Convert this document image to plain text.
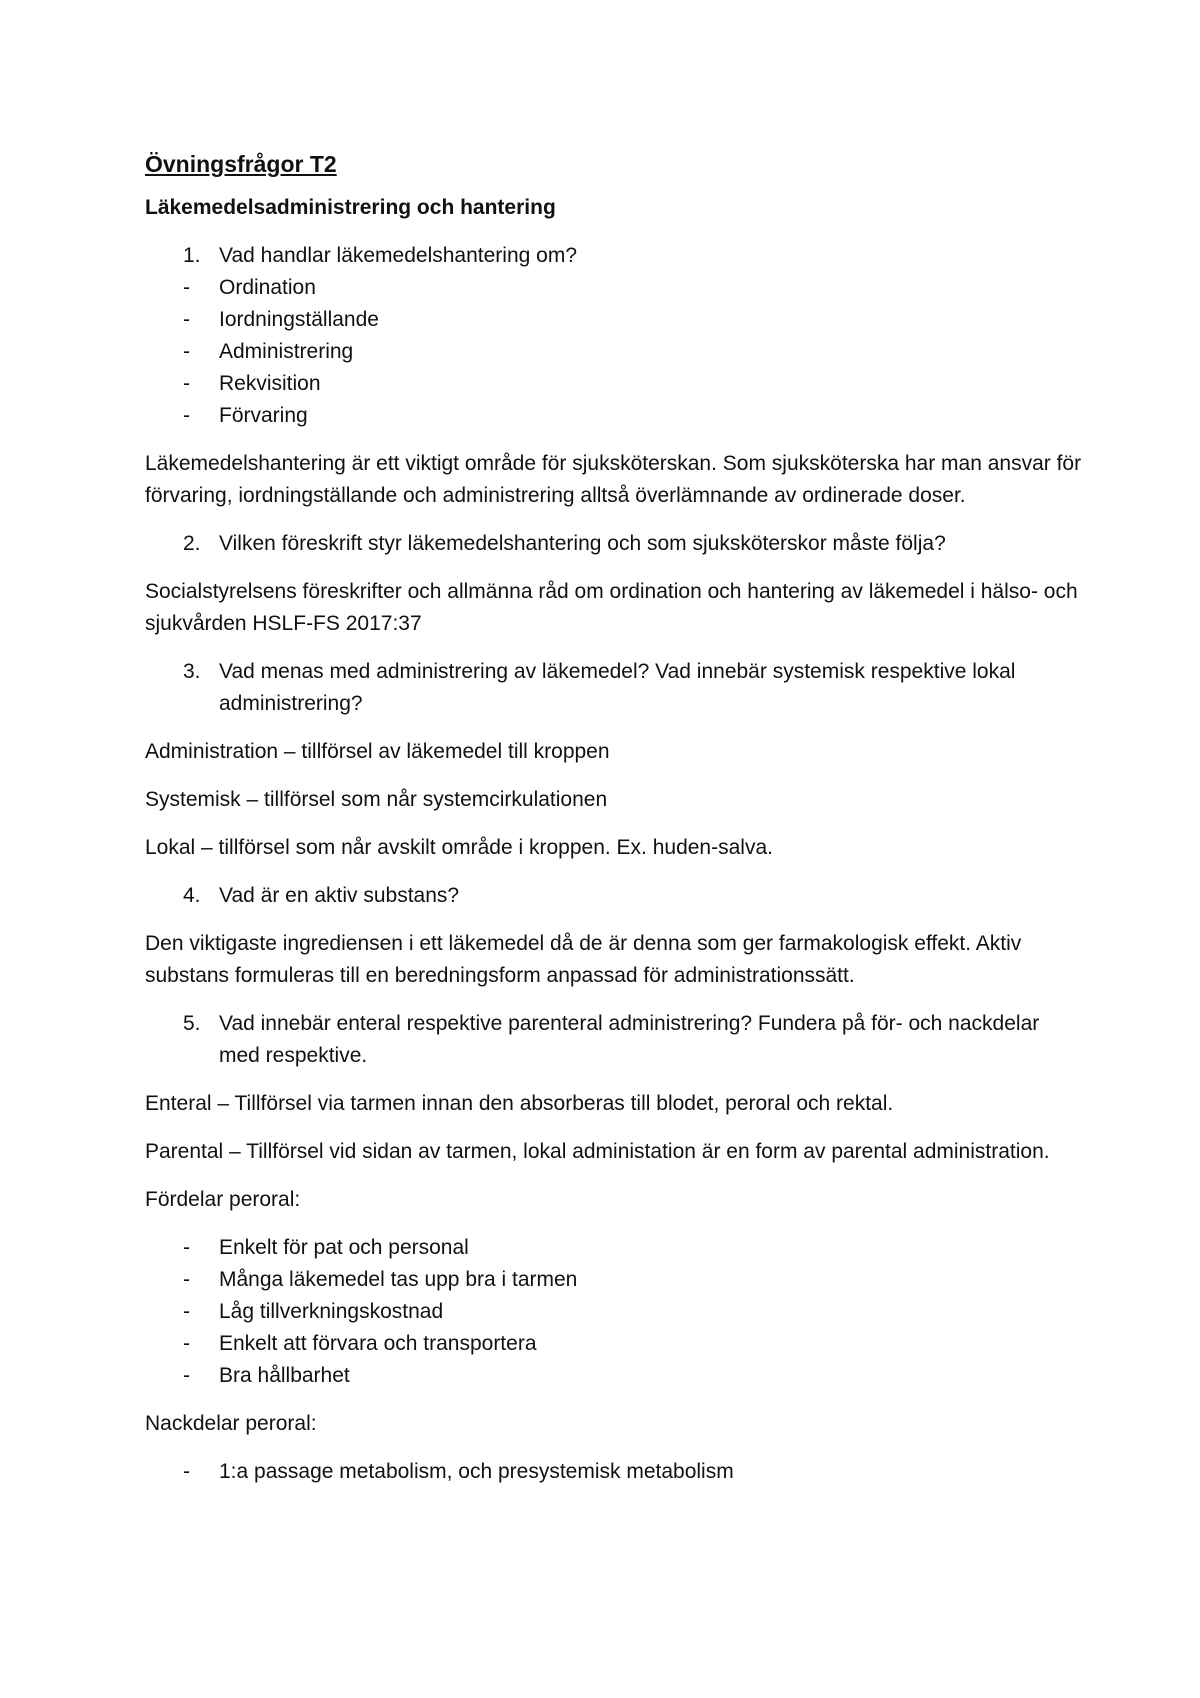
Övningsfrågor T2
Läkemedelsadministrering och hantering
1. Vad handlar läkemedelshantering om?
-	Ordination
-	Iordningställande
-	Administrering
-	Rekvisition
-	Förvaring
Läkemedelshantering är ett viktigt område för sjuksköterskan. Som sjuksköterska har man ansvar för förvaring, iordningställande och administrering alltså överlämnande av ordinerade doser.
2. Vilken föreskrift styr läkemedelshantering och som sjuksköterskor måste följa?
Socialstyrelsens föreskrifter och allmänna råd om ordination och hantering av läkemedel i hälso- och sjukvården HSLF-FS 2017:37
3. Vad menas med administrering av läkemedel? Vad innebär systemisk respektive lokal administrering?
Administration – tillförsel av läkemedel till kroppen
Systemisk – tillförsel som når systemcirkulationen
Lokal – tillförsel som når avskilt område i kroppen. Ex. huden-salva.
4. Vad är en aktiv substans?
Den viktigaste ingrediensen i ett läkemedel då de är denna som ger farmakologisk effekt. Aktiv substans formuleras till en beredningsform anpassad för administrationssätt.
5. Vad innebär enteral respektive parenteral administrering? Fundera på för- och nackdelar med respektive.
Enteral – Tillförsel via tarmen innan den absorberas till blodet, peroral och rektal.
Parental – Tillförsel vid sidan av tarmen, lokal administation är en form av parental administration.
Fördelar peroral:
-	Enkelt för pat och personal
-	Många läkemedel tas upp bra i tarmen
-	Låg tillverkningskostnad
-	Enkelt att förvara och transportera
-	Bra hållbarhet
Nackdelar peroral:
-	1:a passage metabolism, och presystemisk metabolism
